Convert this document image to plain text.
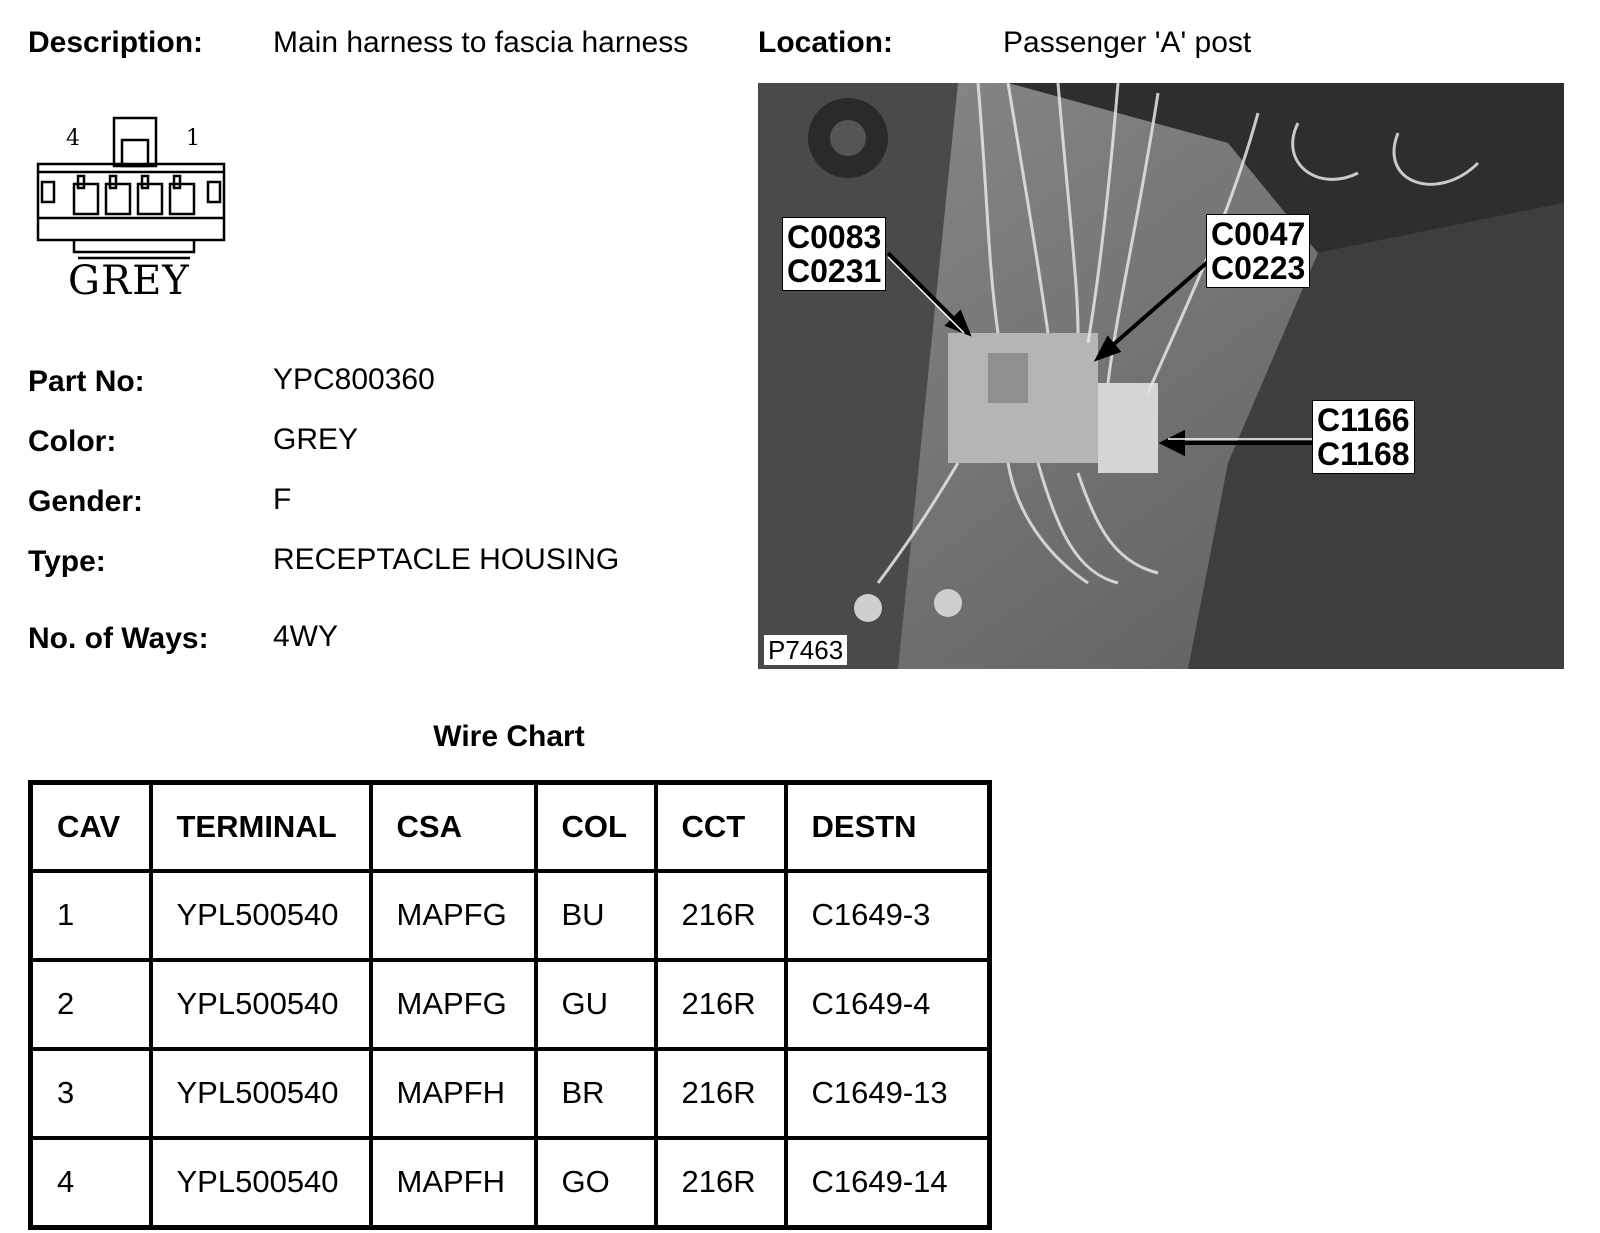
Description: Main harness to fascia harness Location:	Passenger 'A' post
4	1
GREY
Part No:	YPC800360
Color:	GREY
Gender:	F
Type:	RECEPTACLE HOUSING
No. of Ways: 4WY
C0083
C0231
C0047
C0223
C1166
C1168
P7463
Wire Chart
CAV	TERMINAL	CSA	COL	CCT	DESTN
1	YPL500540	MAPFG	BU	216R	C1649-3
2	YPL500540	MAPFG	GU	216R	C1649-4
3	YPL500540	MAPFH	BR	216R	C1649-13
4	YPL500540	MAPFH	GO	216R	C1649-14
